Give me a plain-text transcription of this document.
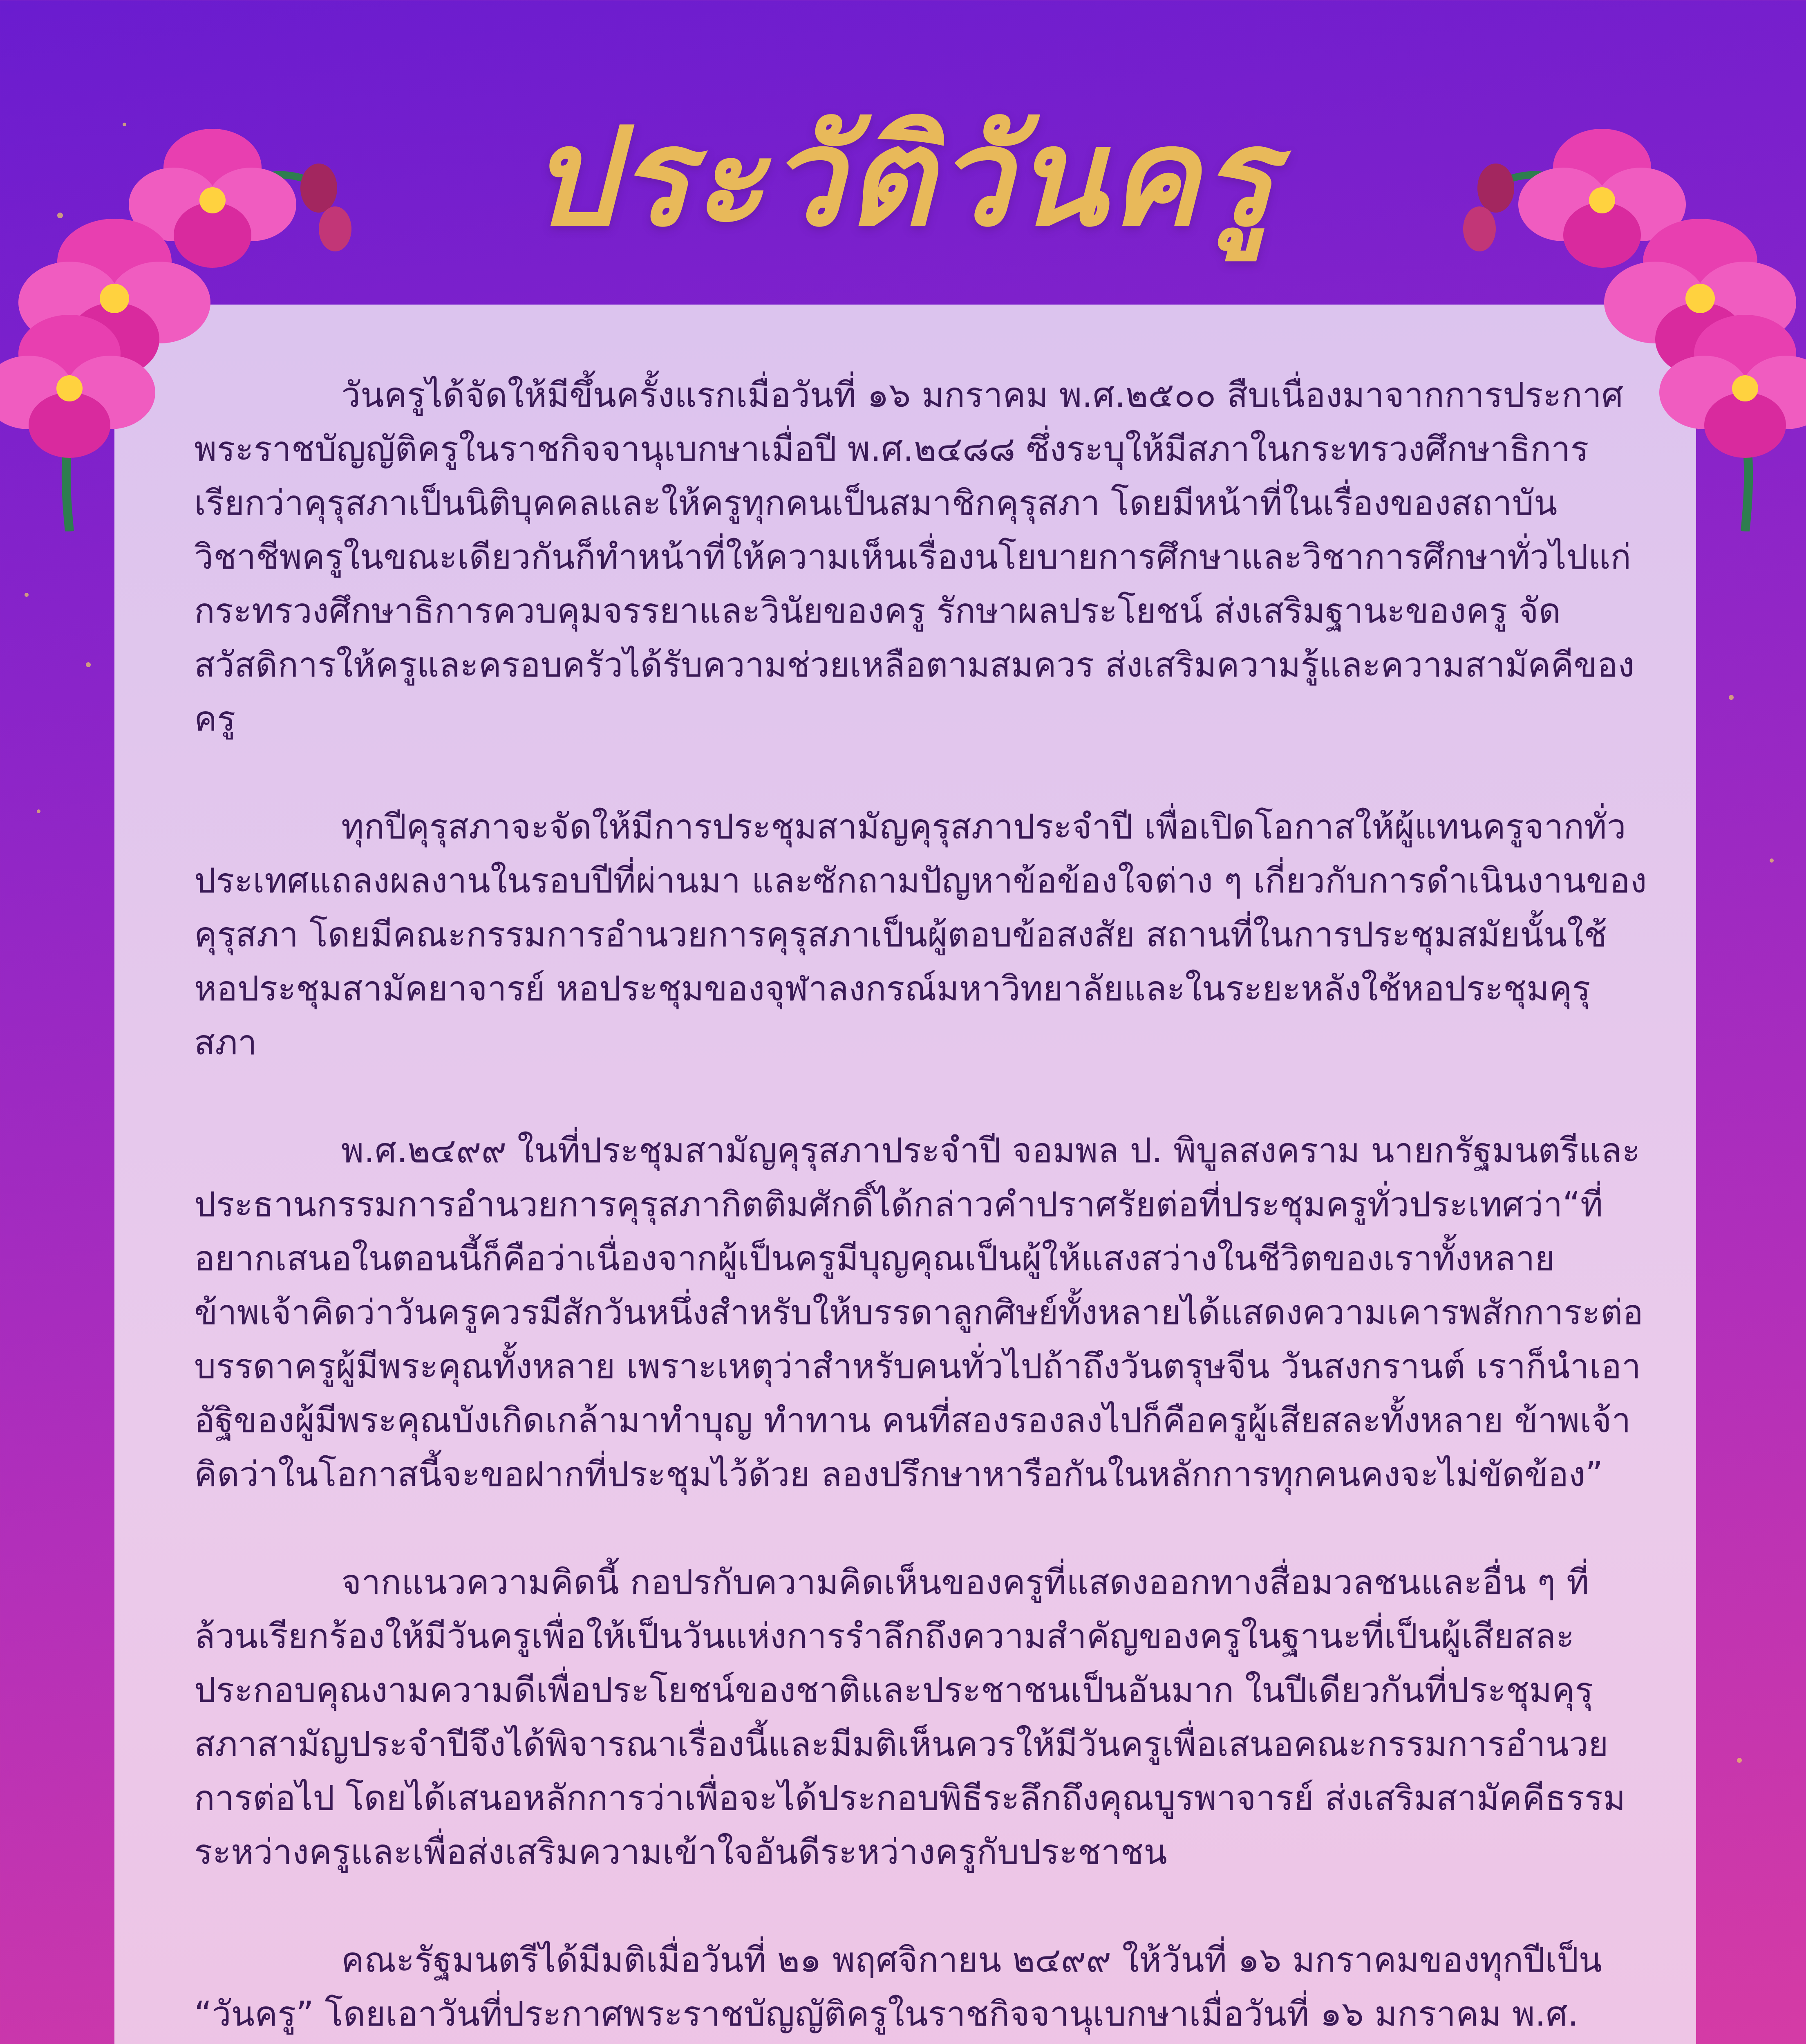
ประวัติวันครู

วันครูได้จัดให้มีขึ้นครั้งแรกเมื่อวันที่ ๑๖ มกราคม พ.ศ.๒๕๐๐ สืบเนื่องมาจากการประกาศพระราชบัญญัติครูในราชกิจจานุเบกษาเมื่อปี พ.ศ.๒๔๘๘ ซึ่งระบุให้มีสภาในกระทรวงศึกษาธิการเรียกว่าคุรุสภาเป็นนิติบุคคลและให้ครูทุกคนเป็นสมาชิกคุรุสภา โดยมีหน้าที่ในเรื่องของสถาบันวิชาชีพครูในขณะเดียวกันก็ทำหน้าที่ให้ความเห็นเรื่องนโยบายการศึกษาและวิชาการศึกษาทั่วไปแก่กระทรวงศึกษาธิการควบคุมจรรยาและวินัยของครู รักษาผลประโยชน์ ส่งเสริมฐานะของครู จัดสวัสดิการให้ครูและครอบครัวได้รับความช่วยเหลือตามสมควร ส่งเสริมความรู้และความสามัคคีของครู

ทุกปีคุรุสภาจะจัดให้มีการประชุมสามัญคุรุสภาประจำปี เพื่อเปิดโอกาสให้ผู้แทนครูจากทั่วประเทศแถลงผลงานในรอบปีที่ผ่านมา และซักถามปัญหาข้อข้องใจต่าง ๆ เกี่ยวกับการดำเนินงานของคุรุสภา โดยมีคณะกรรมการอำนวยการคุรุสภาเป็นผู้ตอบข้อสงสัย สถานที่ในการประชุมสมัยนั้นใช้หอประชุมสามัคยาจารย์ หอประชุมของจุฬาลงกรณ์มหาวิทยาลัยและในระยะหลังใช้หอประชุมคุรุสภา

พ.ศ.๒๔๙๙ ในที่ประชุมสามัญคุรุสภาประจำปี จอมพล ป. พิบูลสงคราม นายกรัฐมนตรีและประธานกรรมการอำนวยการคุรุสภากิตติมศักดิ์ได้กล่าวคำปราศรัยต่อที่ประชุมครูทั่วประเทศว่า“ที่อยากเสนอในตอนนี้ก็คือว่าเนื่องจากผู้เป็นครูมีบุญคุณเป็นผู้ให้แสงสว่างในชีวิตของเราทั้งหลาย ข้าพเจ้าคิดว่าวันครูควรมีสักวันหนึ่งสำหรับให้บรรดาลูกศิษย์ทั้งหลายได้แสดงความเคารพสักการะต่อบรรดาครูผู้มีพระคุณทั้งหลาย เพราะเหตุว่าสำหรับคนทั่วไปถ้าถึงวันตรุษจีน วันสงกรานต์ เราก็นำเอาอัฐิของผู้มีพระคุณบังเกิดเกล้ามาทำบุญ ทำทาน คนที่สองรองลงไปก็คือครูผู้เสียสละทั้งหลาย ข้าพเจ้าคิดว่าในโอกาสนี้จะขอฝากที่ประชุมไว้ด้วย ลองปรึกษาหารือกันในหลักการทุกคนคงจะไม่ขัดข้อง”

จากแนวความคิดนี้ กอปรกับความคิดเห็นของครูที่แสดงออกทางสื่อมวลชนและอื่น ๆ ที่ล้วนเรียกร้องให้มีวันครูเพื่อให้เป็นวันแห่งการรำลึกถึงความสำคัญของครูในฐานะที่เป็นผู้เสียสละ ประกอบคุณงามความดีเพื่อประโยชน์ของชาติและประชาชนเป็นอันมาก ในปีเดียวกันที่ประชุมคุรุสภาสามัญประจำปีจึงได้พิจารณาเรื่องนี้และมีมติเห็นควรให้มีวันครูเพื่อเสนอคณะกรรมการอำนวยการต่อไป โดยได้เสนอหลักการว่าเพื่อจะได้ประกอบพิธีระลึกถึงคุณบูรพาจารย์ ส่งเสริมสามัคคีธรรมระหว่างครูและเพื่อส่งเสริมความเข้าใจอันดีระหว่างครูกับประชาชน

คณะรัฐมนตรีได้มีมติเมื่อวันที่ ๒๑ พฤศจิกายน ๒๔๙๙ ให้วันที่ ๑๖ มกราคมของทุกปีเป็น “วันครู” โดยเอาวันที่ประกาศพระราชบัญญัติครูในราชกิจจานุเบกษาเมื่อวันที่ ๑๖ มกราคม พ.ศ.
